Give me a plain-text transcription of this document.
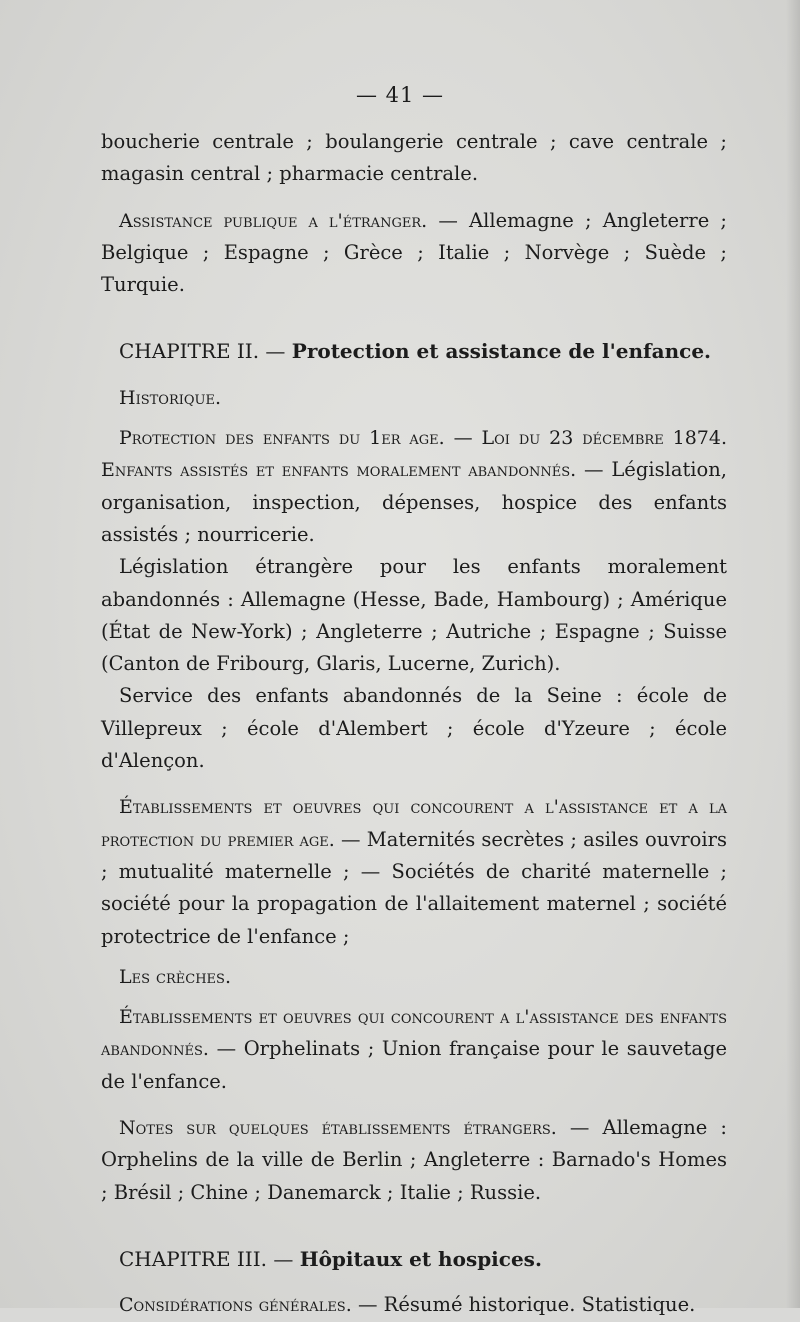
— 41 —

boucherie centrale ; boulangerie centrale ; cave centrale ; magasin central ; pharmacie centrale.

Assistance publique a l'étranger. — Allemagne ; Angleterre ; Belgique ; Espagne ; Grèce ; Italie ; Norvège ; Suède ; Turquie.

CHAPITRE II. — Protection et assistance de l'enfance.

Historique.

Protection des enfants du 1er age. — Loi du 23 décembre 1874. Enfants assistés et enfants moralement abandonnés. — Législation, organisation, inspection, dépenses, hospice des enfants assistés ; nourricerie.

Législation étrangère pour les enfants moralement abandonnés : Allemagne (Hesse, Bade, Hambourg) ; Amérique (État de New-York) ; Angleterre ; Autriche ; Espagne ; Suisse (Canton de Fribourg, Glaris, Lucerne, Zurich).

Service des enfants abandonnés de la Seine : école de Villepreux ; école d'Alembert ; école d'Yzeure ; école d'Alençon.

Établissements et oeuvres qui concourent a l'assistance et a la protection du premier age. — Maternités secrètes ; asiles ouvroirs ; mutualité maternelle ; — Sociétés de charité maternelle ; société pour la propagation de l'allaitement maternel ; société protectrice de l'enfance ;

Les crèches.

Établissements et oeuvres qui concourent a l'assistance des enfants abandonnés. — Orphelinats ; Union française pour le sauvetage de l'enfance.

Notes sur quelques établissements étrangers. — Allemagne : Orphelins de la ville de Berlin ; Angleterre : Barnado's Homes ; Brésil ; Chine ; Danemarck ; Italie ; Russie.

CHAPITRE III. — Hôpitaux et hospices.

Considérations générales. — Résumé historique. Statistique.
